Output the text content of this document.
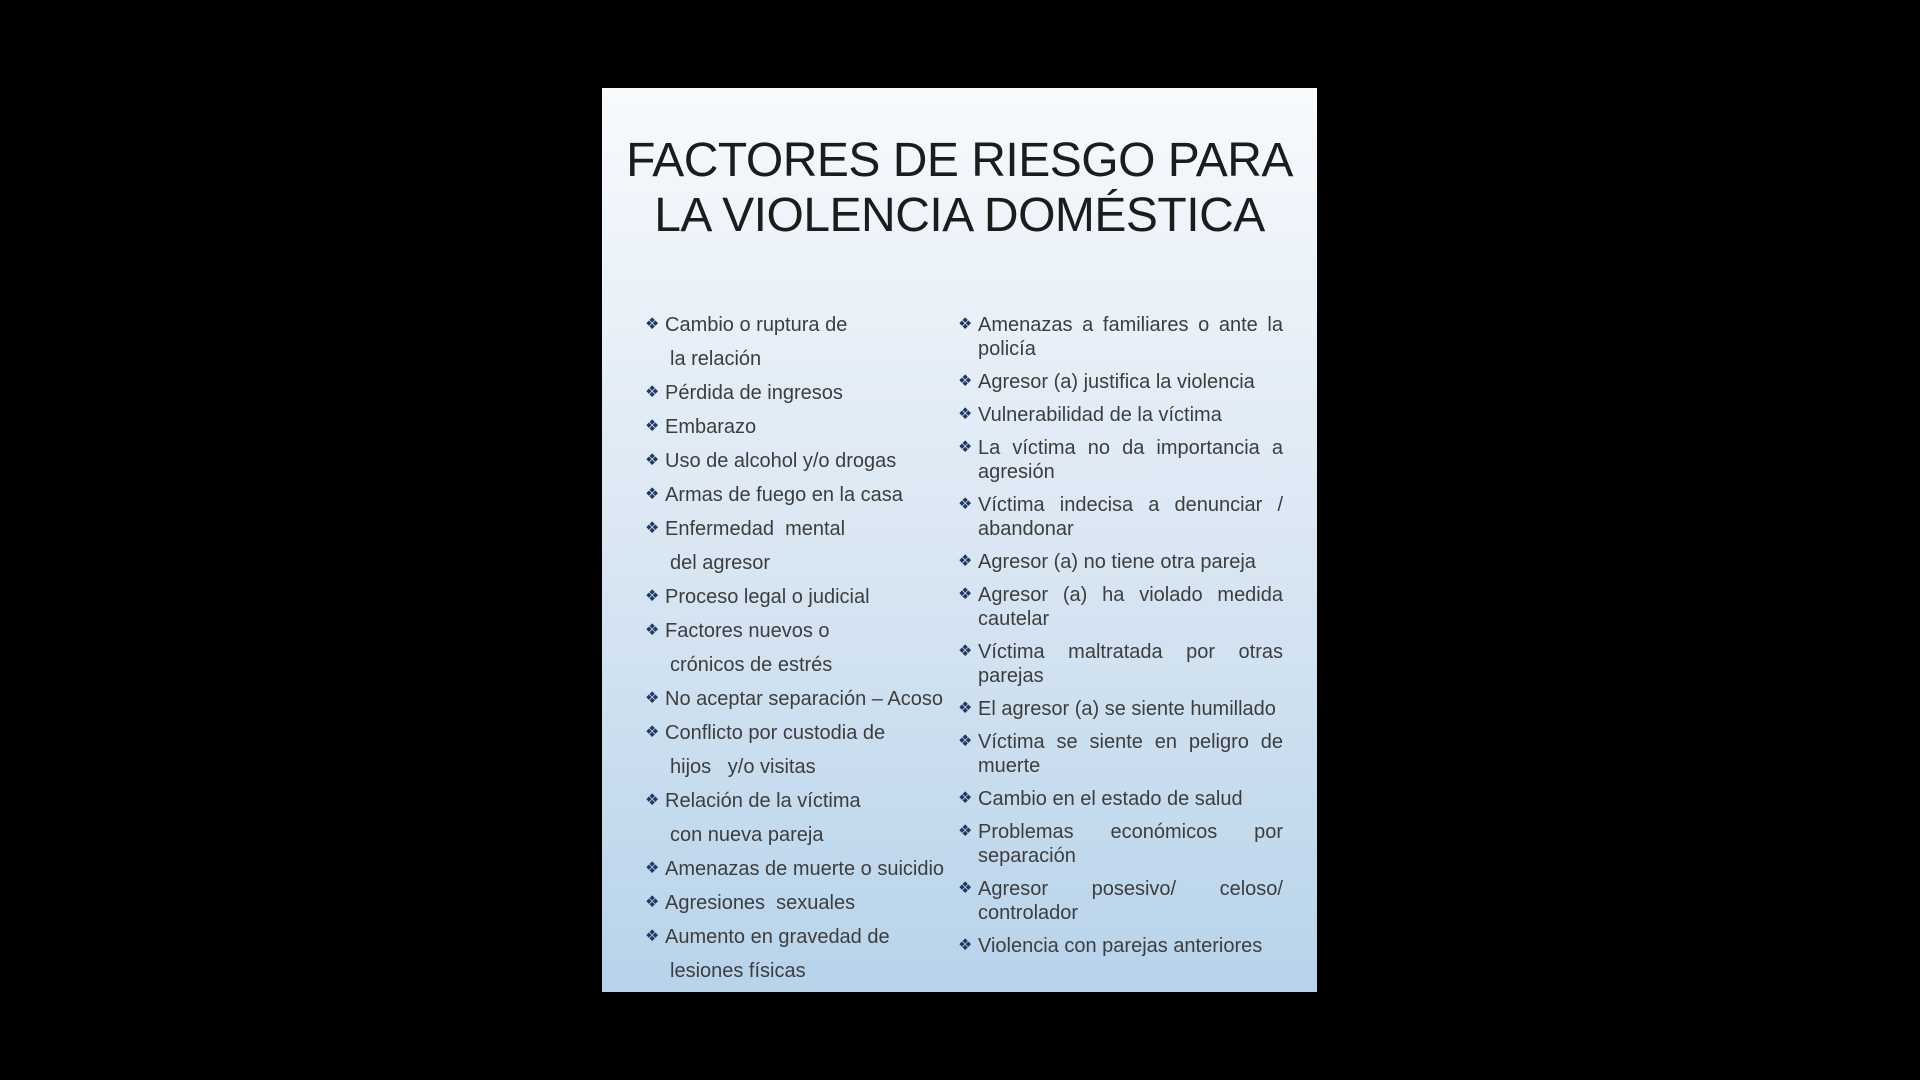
FACTORES DE RIESGO PARA
LA VIOLENCIA DOMÉSTICA
❖ Cambio o ruptura de
la relación
❖ Pérdida de ingresos
❖ Embarazo
❖ Uso de alcohol y/o drogas
❖ Armas de fuego en la casa
❖ Enfermedad  mental
del agresor
❖ Proceso legal o judicial
❖ Factores nuevos o
crónicos de estrés
❖ No aceptar separación – Acoso
❖ Conflicto por custodia de
hijos   y/o visitas
❖ Relación de la víctima
con nueva pareja
❖ Amenazas de muerte o suicidio
❖ Agresiones  sexuales
❖ Aumento en gravedad de
lesiones físicas
❖ Amenazas a familiares o ante la policía
❖ Agresor (a) justifica la violencia
❖ Vulnerabilidad de la víctima
❖ La víctima no da importancia a agresión
❖ Víctima indecisa a denunciar / abandonar
❖ Agresor (a) no tiene otra pareja
❖ Agresor (a) ha violado medida cautelar
❖ Víctima maltratada por otras parejas
❖ El agresor (a) se siente humillado
❖ Víctima se siente en peligro de muerte
❖ Cambio en el estado de salud
❖ Problemas económicos por separación
❖ Agresor posesivo/ celoso/ controlador
❖ Violencia con parejas anteriores
